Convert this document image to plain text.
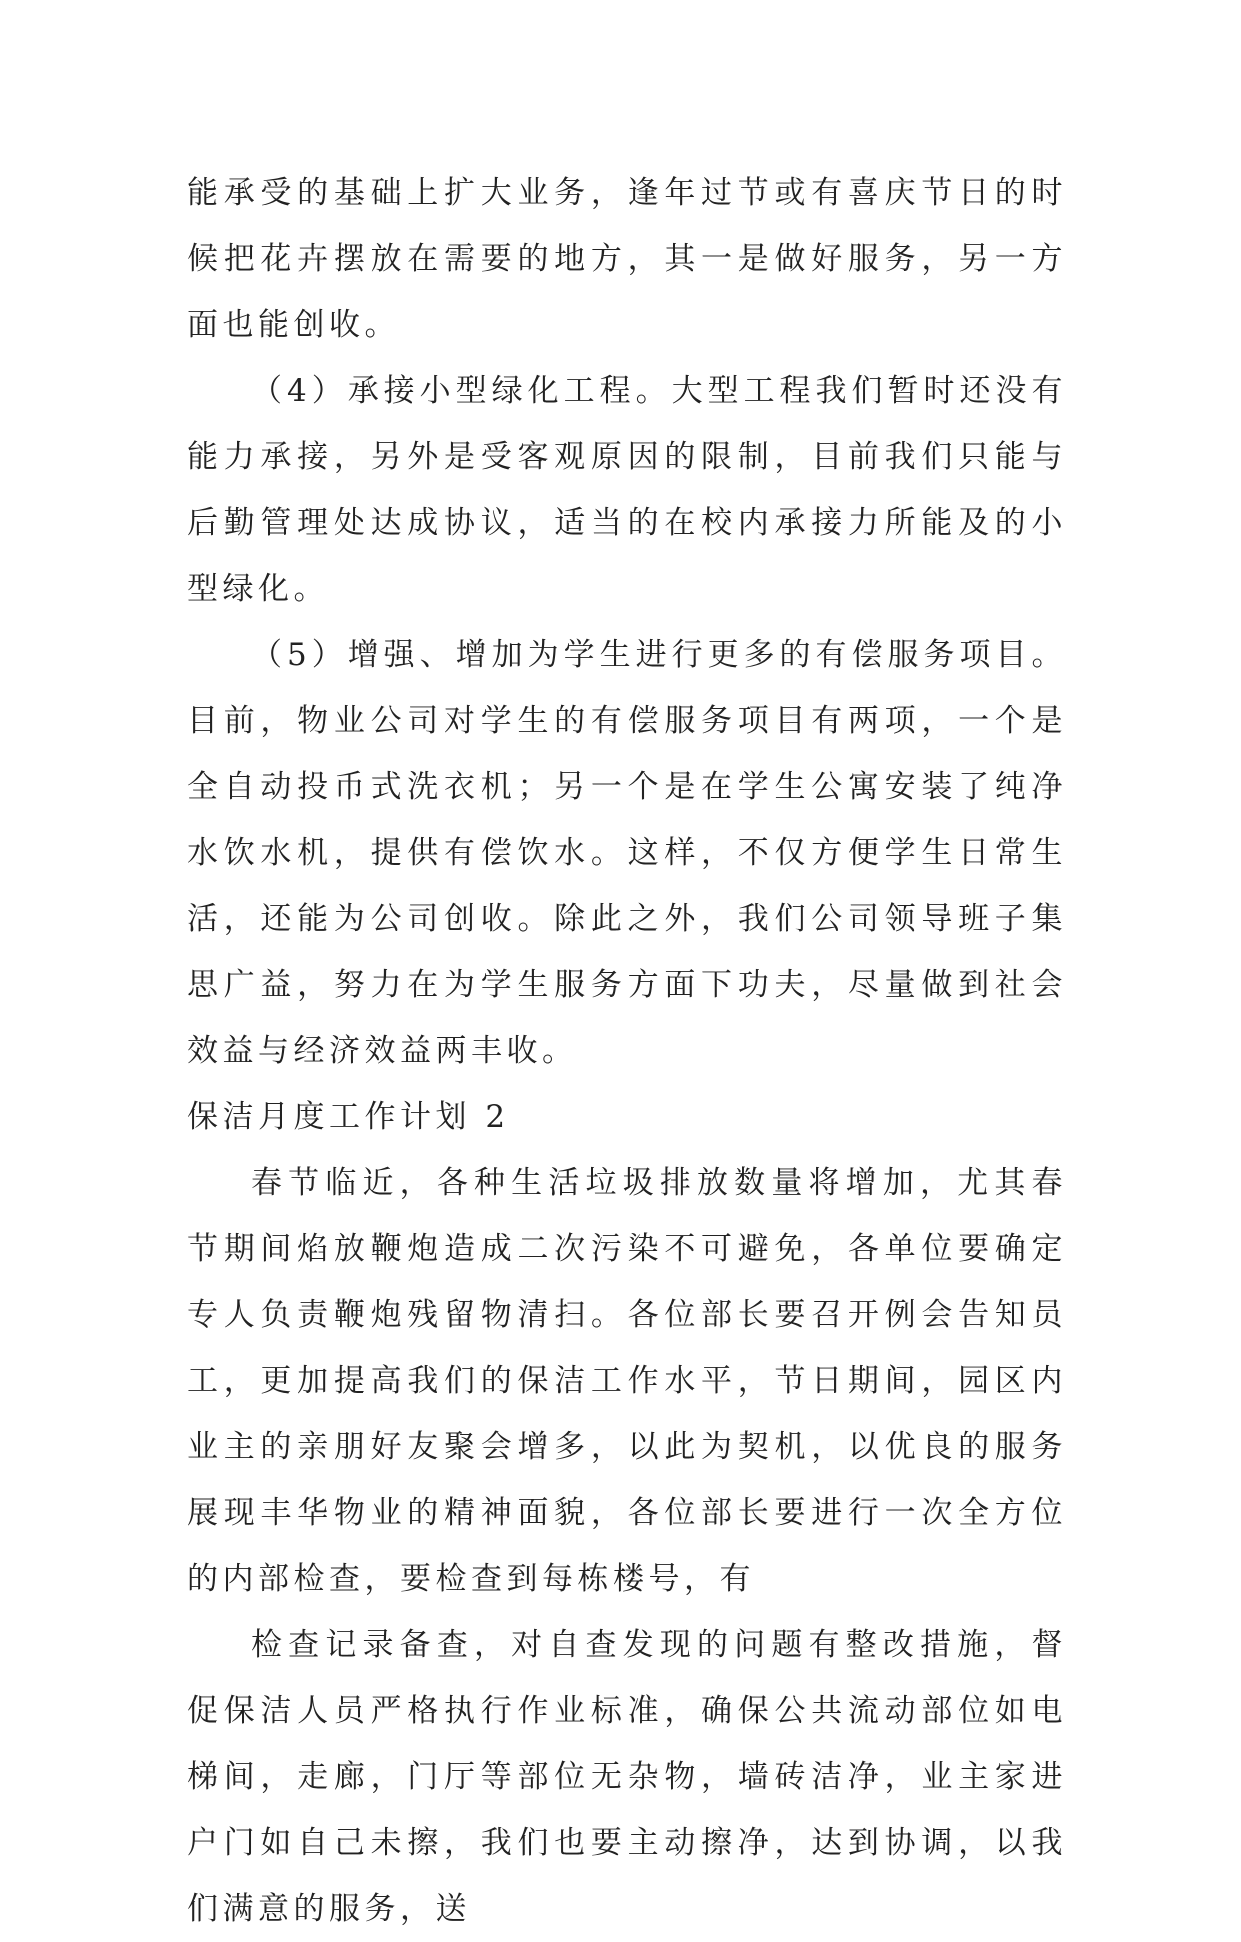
能承受的基础上扩大业务，逢年过节或有喜庆节日的时候把花卉摆放在需要的地方，其一是做好服务，另一方面也能创收。

（4）承接小型绿化工程。大型工程我们暂时还没有能力承接，另外是受客观原因的限制，目前我们只能与后勤管理处达成协议，适当的在校内承接力所能及的小型绿化。

（5）增强、增加为学生进行更多的有偿服务项目。目前，物业公司对学生的有偿服务项目有两项，一个是全自动投币式洗衣机；另一个是在学生公寓安装了纯净水饮水机，提供有偿饮水。这样，不仅方便学生日常生活，还能为公司创收。除此之外，我们公司领导班子集思广益，努力在为学生服务方面下功夫，尽量做到社会效益与经济效益两丰收。

保洁月度工作计划 2

春节临近，各种生活垃圾排放数量将增加，尤其春节期间焰放鞭炮造成二次污染不可避免，各单位要确定专人负责鞭炮残留物清扫。各位部长要召开例会告知员工，更加提高我们的保洁工作水平，节日期间，园区内业主的亲朋好友聚会增多，以此为契机，以优良的服务展现丰华物业的精神面貌，各位部长要进行一次全方位的内部检查，要检查到每栋楼号，有

检查记录备查，对自查发现的问题有整改措施，督促保洁人员严格执行作业标准，确保公共流动部位如电梯间，走廊，门厅等部位无杂物，墙砖洁净，业主家进户门如自己未擦，我们也要主动擦净，达到协调，以我们满意的服务，送
